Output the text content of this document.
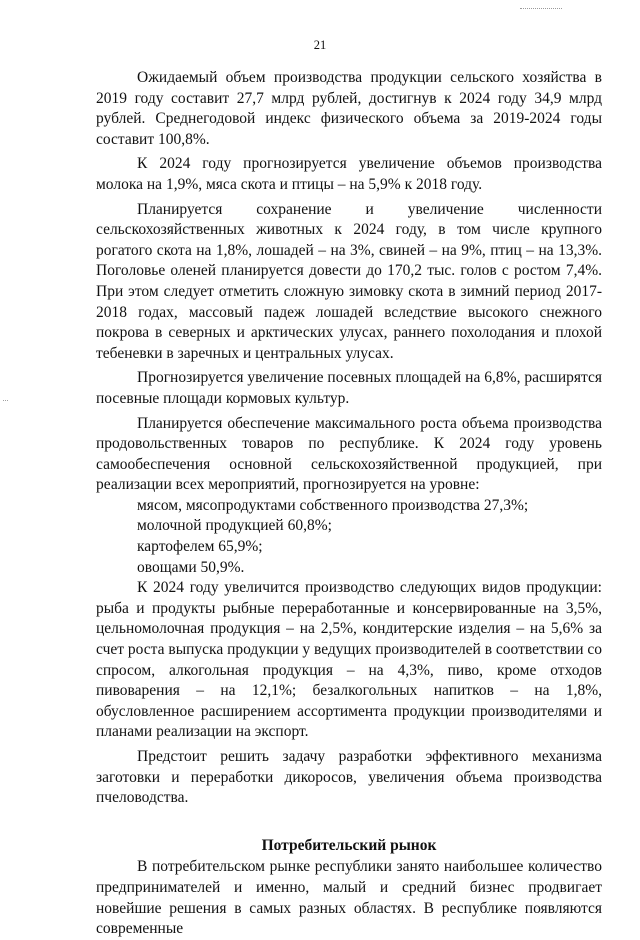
21

Ожидаемый объем производства продукции сельского хозяйства в 2019 году составит 27,7 млрд рублей, достигнув к 2024 году 34,9 млрд рублей. Среднегодовой индекс физического объема за 2019-2024 годы составит 100,8%.

К 2024 году прогнозируется увеличение объемов производства молока на 1,9%, мяса скота и птицы – на 5,9% к 2018 году.

Планируется сохранение и увеличение численности сельскохозяйственных животных к 2024 году, в том числе крупного рогатого скота на 1,8%, лошадей – на 3%, свиней – на 9%, птиц – на 13,3%. Поголовье оленей планируется довести до 170,2 тыс. голов с ростом 7,4%. При этом следует отметить сложную зимовку скота в зимний период 2017-2018 годах, массовый падеж лошадей вследствие высокого снежного покрова в северных и арктических улусах, раннего похолодания и плохой тебеневки в заречных и центральных улусах.

Прогнозируется увеличение посевных площадей на 6,8%, расширятся посевные площади кормовых культур.

Планируется обеспечение максимального роста объема производства продовольственных товаров по республике. К 2024 году уровень самообеспечения основной сельскохозяйственной продукцией, при реализации всех мероприятий, прогнозируется на уровне:

мясом, мясопродуктами собственного производства 27,3%;

молочной продукцией 60,8%;

картофелем 65,9%;

овощами 50,9%.

К 2024 году увеличится производство следующих видов продукции: рыба и продукты рыбные переработанные и консервированные на 3,5%, цельномолочная продукция – на 2,5%, кондитерские изделия – на 5,6% за счет роста выпуска продукции у ведущих производителей в соответствии со спросом, алкогольная продукция – на 4,3%, пиво, кроме отходов пивоварения – на 12,1%; безалкогольных напитков – на 1,8%, обусловленное расширением ассортимента продукции производителями и планами реализации на экспорт.

Предстоит решить задачу разработки эффективного механизма заготовки и переработки дикоросов, увеличения объема производства пчеловодства.

Потребительский рынок

В потребительском рынке республики занято наибольшее количество предпринимателей и именно, малый и средний бизнес продвигает новейшие решения в самых разных областях. В республике появляются современные
